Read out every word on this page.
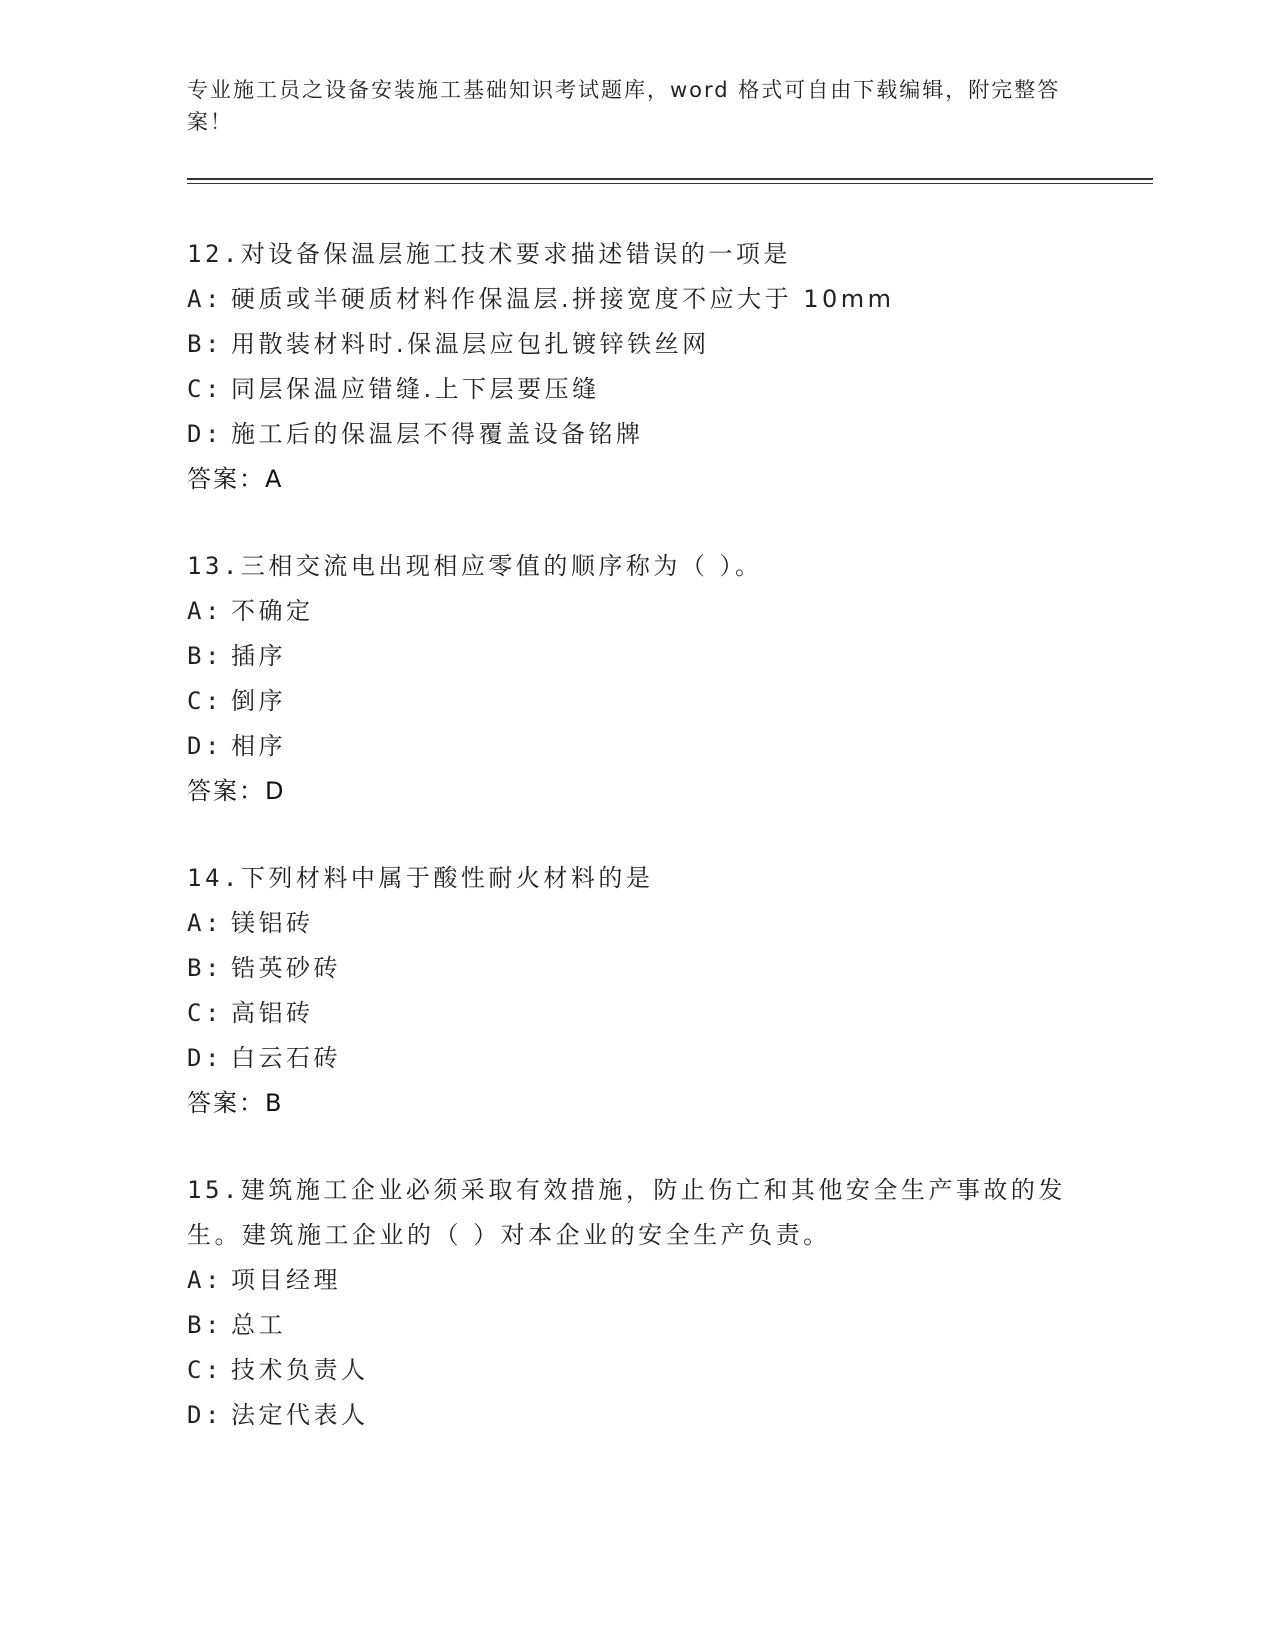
专业施工员之设备安装施工基础知识考试题库，word 格式可自由下载编辑，附完整答案！
12.对设备保温层施工技术要求描述错误的一项是
A: 硬质或半硬质材料作保温层.拼接宽度不应大于 10mm
B: 用散装材料时.保温层应包扎镀锌铁丝网
C: 同层保温应错缝.上下层要压缝
D: 施工后的保温层不得覆盖设备铭牌
答案：A
13.三相交流电出现相应零值的顺序称为（ ）。
A: 不确定
B: 插序
C: 倒序
D: 相序
答案：D
14.下列材料中属于酸性耐火材料的是
A: 镁铝砖
B: 锆英砂砖
C: 高铝砖
D: 白云石砖
答案：B
15.建筑施工企业必须采取有效措施，防止伤亡和其他安全生产事故的发生。建筑施工企业的（ ）对本企业的安全生产负责。
A: 项目经理
B: 总工
C: 技术负责人
D: 法定代表人
